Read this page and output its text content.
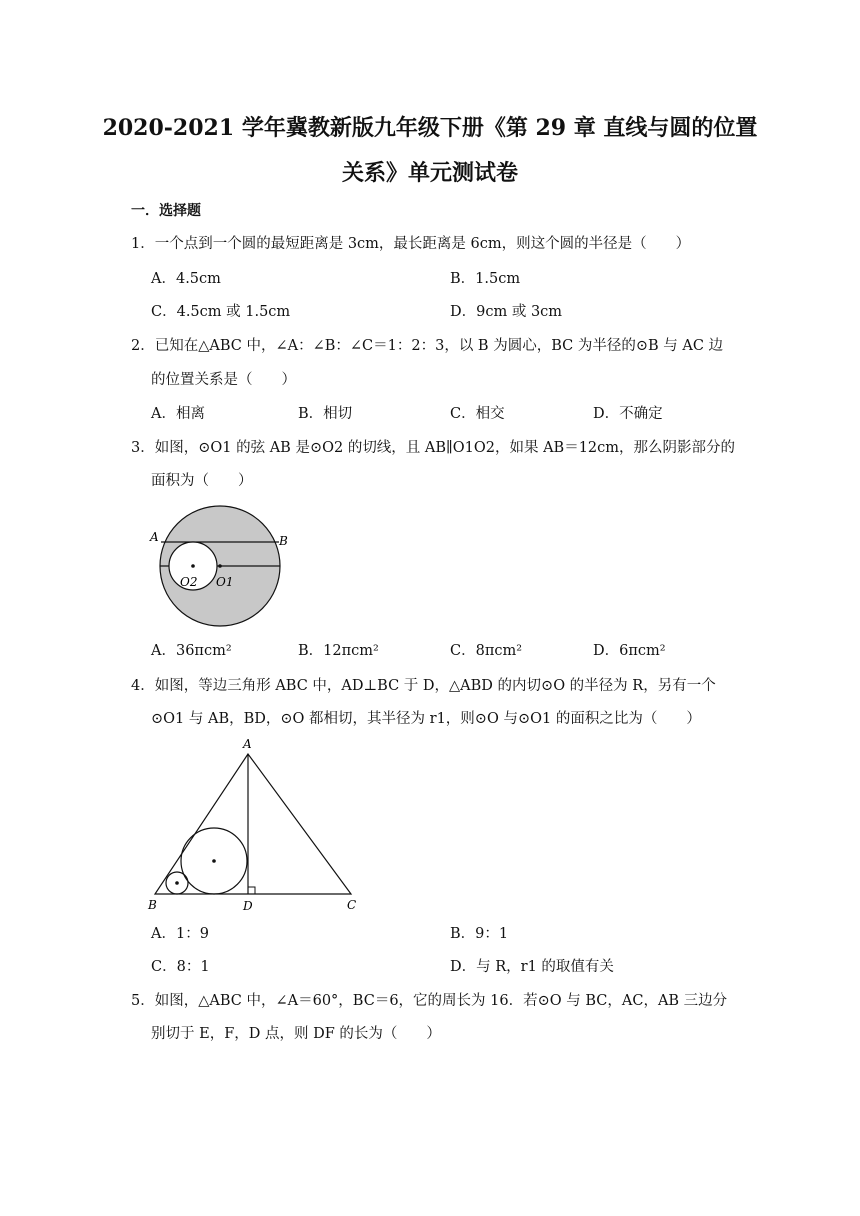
2020-2021 学年冀教新版九年级下册《第 29 章 直线与圆的位置
关系》单元测试卷
一．选择题
1．一个点到一个圆的最短距离是 3cm，最长距离是 6cm，则这个圆的半径是（　　）
A．4.5cm	B．1.5cm
C．4.5cm 或 1.5cm	D．9cm 或 3cm
2．已知在△ABC 中，∠A：∠B：∠C＝1：2：3，以 B 为圆心，BC 为半径的⊙B 与 AC 边
的位置关系是（　　）
A．相离	B．相切	C．相交	D．不确定
3．如图，⊙O1 的弦 AB 是⊙O2 的切线，且 AB∥O1O2，如果 AB＝12cm，那么阴影部分的
面积为（　　）
A	B
O2 O1
A．36πcm²	B．12πcm²	C．8πcm²	D．6πcm²
4．如图，等边三角形 ABC 中，AD⊥BC 于 D，△ABD 的内切⊙O 的半径为 R，另有一个
⊙O1 与 AB，BD，⊙O 都相切，其半径为 r1，则⊙O 与⊙O1 的面积之比为（　　）
A
B	D	C
A．1：9	B．9：1
C．8：1	D．与 R，r1 的取值有关
5．如图，△ABC 中，∠A＝60°，BC＝6，它的周长为 16．若⊙O 与 BC，AC，AB 三边分
别切于 E，F，D 点，则 DF 的长为（　　）
